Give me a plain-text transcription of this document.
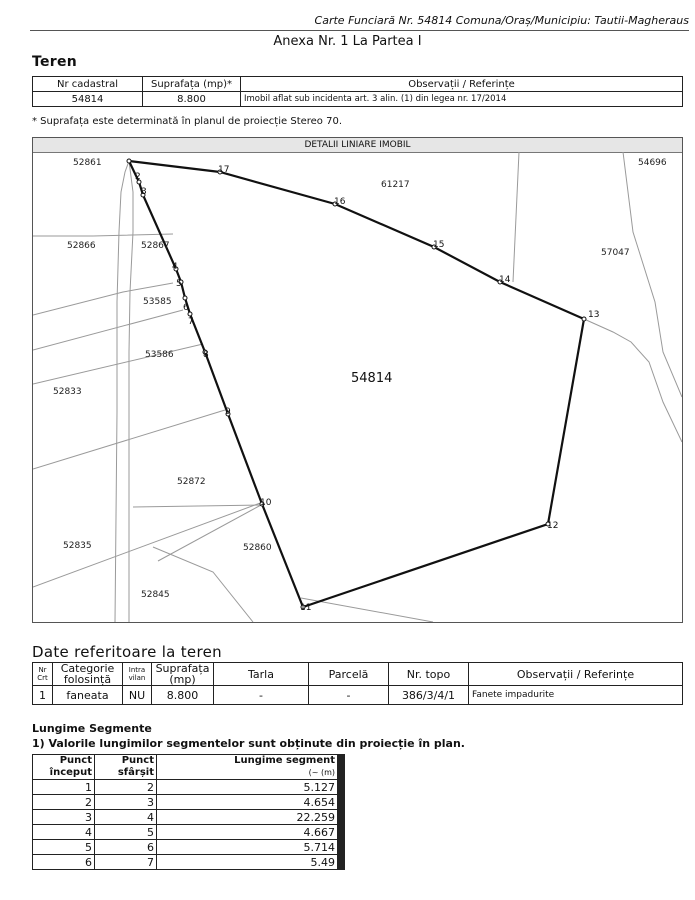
Carte Funciară Nr. 54814 Comuna/Oraș/Municipiu: Tautii-Magheraus
Anexa Nr. 1 La Partea I
Teren
Nr cadastral	Suprafața (mp)*	Observații / Referințe
54814	8.800	Imobil aflat sub incidenta art. 3 alin. (1) din legea nr. 17/2014
* Suprafața este determinată în planul de proiecție Stereo 70.
DETALII LINIARE IMOBIL
2
3
4
5
6
7
8
9
10
11
12
13
14
15
16
17
52861	54696
61217
52866	52867
57047
53585
53586
52833
52872
52835	52860
52845
54814
Date referitoare la teren
Nr Crt	Categorie folosință	Intra vilan	Suprafața (mp)	Tarla	Parcelă	Nr. topo	Observații / Referințe
1	faneata	NU	8.800	-	-	386/3/4/1	Fanete impadurite
Lungime Segmente
1) Valorile lungimilor segmentelor sunt obținute din proiecție în plan.
Punct început	Punct sfârșit	Lungime segment
(~ (m)	
1	2	5.127	
2	3	4.654	
3	4	22.259	
4	5	4.667	
5	6	5.714	
6	7	5.49	
